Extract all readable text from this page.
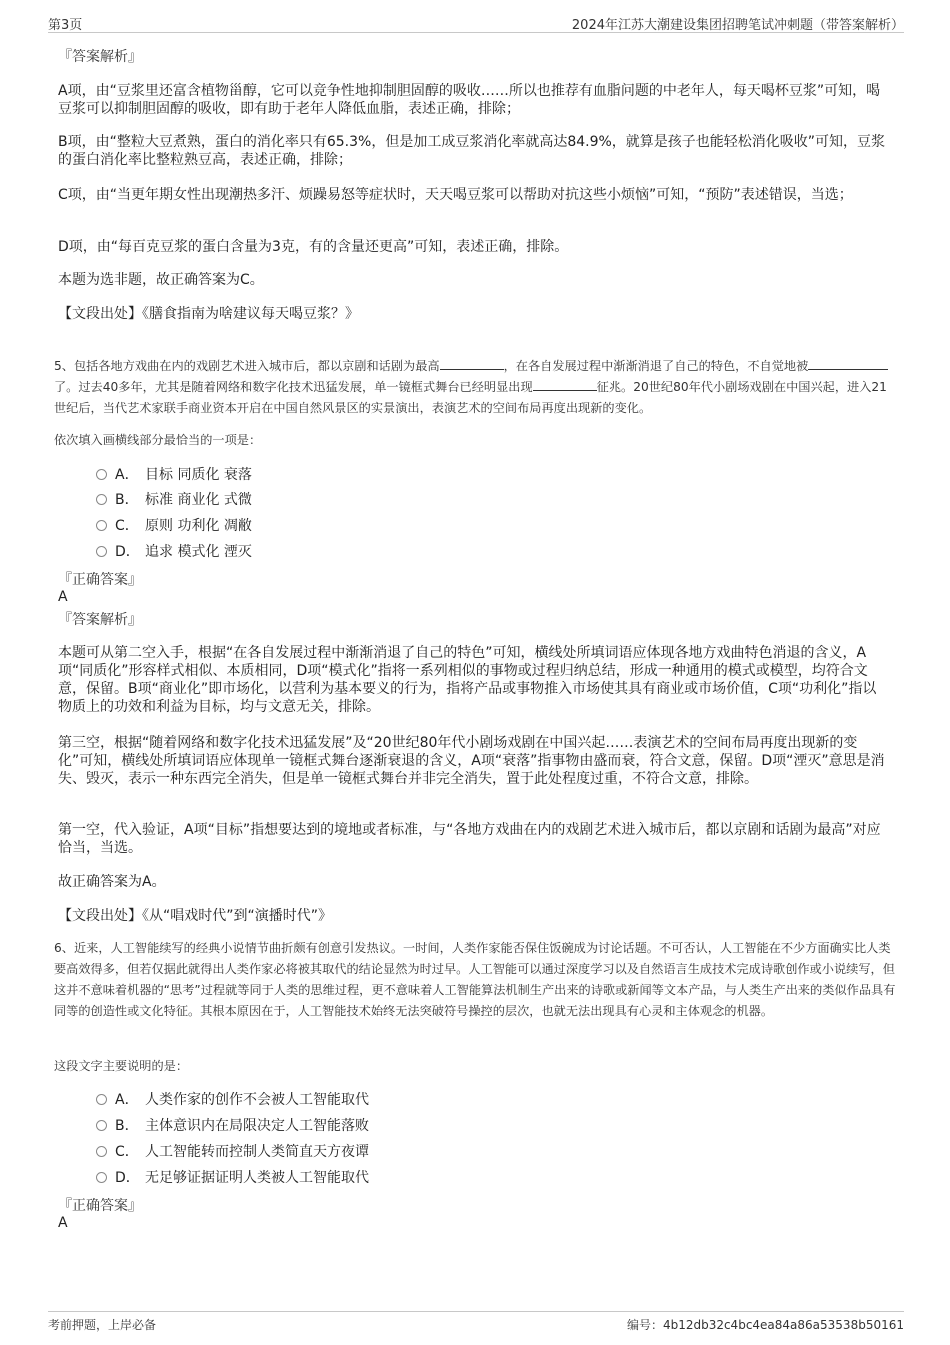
第3页	2024年江苏大潮建设集团招聘笔试冲刺题（带答案解析）
『答案解析』

A项，由“豆浆里还富含植物甾醇，它可以竞争性地抑制胆固醇的吸收……所以也推荐有血脂问题的中老年人，每天喝杯豆浆”可知，喝豆浆可以抑制胆固醇的吸收，即有助于老年人降低血脂，表述正确，排除；

B项，由“整粒大豆煮熟，蛋白的消化率只有65.3%，但是加工成豆浆消化率就高达84.9%，就算是孩子也能轻松消化吸收”可知，豆浆的蛋白消化率比整粒熟豆高，表述正确，排除；

C项，由“当更年期女性出现潮热多汗、烦躁易怒等症状时，天天喝豆浆可以帮助对抗这些小烦恼”可知，“预防”表述错误，当选；

D项，由“每百克豆浆的蛋白含量为3克，有的含量还更高”可知，表述正确，排除。

本题为选非题，故正确答案为C。

【文段出处】《膳食指南为啥建议每天喝豆浆？》

5、包括各地方戏曲在内的戏剧艺术进入城市后，都以京剧和话剧为最高	，在各自发展过程中渐渐消退了自己的特色，不自觉地被了。过去40多年，尤其是随着网络和数字化技术迅猛发展，单一镜框式舞台已经明显出现	征兆。20世纪80年代小剧场戏剧在中国兴起，进入21世纪后，当代艺术家联手商业资本开启在中国自然风景区的实景演出，表演艺术的空间布局再度出现新的变化。

依次填入画横线部分最恰当的一项是：
A． 目标 同质化 衰落
B． 标准 商业化 式微
C． 原则 功利化 凋敝
D． 追求 模式化 湮灭
『正确答案』
A
『答案解析』

本题可从第二空入手，根据“在各自发展过程中渐渐消退了自己的特色”可知，横线处所填词语应体现各地方戏曲特色消退的含义，A项“同质化”形容样式相似、本质相同，D项“模式化”指将一系列相似的事物或过程归纳总结，形成一种通用的模式或模型，均符合文意，保留。B项“商业化”即市场化，以营利为基本要义的行为，指将产品或事物推入市场使其具有商业或市场价值，C项“功利化”指以物质上的功效和利益为目标，均与文意无关，排除。

第三空，根据“随着网络和数字化技术迅猛发展”及“20世纪80年代小剧场戏剧在中国兴起……表演艺术的空间布局再度出现新的变化”可知，横线处所填词语应体现单一镜框式舞台逐渐衰退的含义，A项“衰落”指事物由盛而衰，符合文意，保留。D项“湮灭”意思是消失、毁灭，表示一种东西完全消失，但是单一镜框式舞台并非完全消失，置于此处程度过重，不符合文意，排除。

第一空，代入验证，A项“目标”指想要达到的境地或者标准，与“各地方戏曲在内的戏剧艺术进入城市后，都以京剧和话剧为最高”对应恰当，当选。

故正确答案为A。

【文段出处】《从“唱戏时代”到“演播时代”》

6、近来，人工智能续写的经典小说情节曲折颇有创意引发热议。一时间，人类作家能否保住饭碗成为讨论话题。不可否认，人工智能在不少方面确实比人类要高效得多，但若仅据此就得出人类作家必将被其取代的结论显然为时过早。人工智能可以通过深度学习以及自然语言生成技术完成诗歌创作或小说续写，但这并不意味着机器的“思考”过程就等同于人类的思维过程，更不意味着人工智能算法机制生产出来的诗歌或新闻等文本产品，与人类生产出来的类似作品具有同等的创造性或文化特征。其根本原因在于，人工智能技术始终无法突破符号操控的层次，也就无法出现具有心灵和主体观念的机器。

这段文字主要说明的是：
A． 人类作家的创作不会被人工智能取代
B． 主体意识内在局限决定人工智能落败
C． 人工智能转而控制人类简直天方夜谭
D． 无足够证据证明人类被人工智能取代
『正确答案』
A
考前押题，上岸必备	编号：4b12db32c4bc4ea84a86a53538b50161
